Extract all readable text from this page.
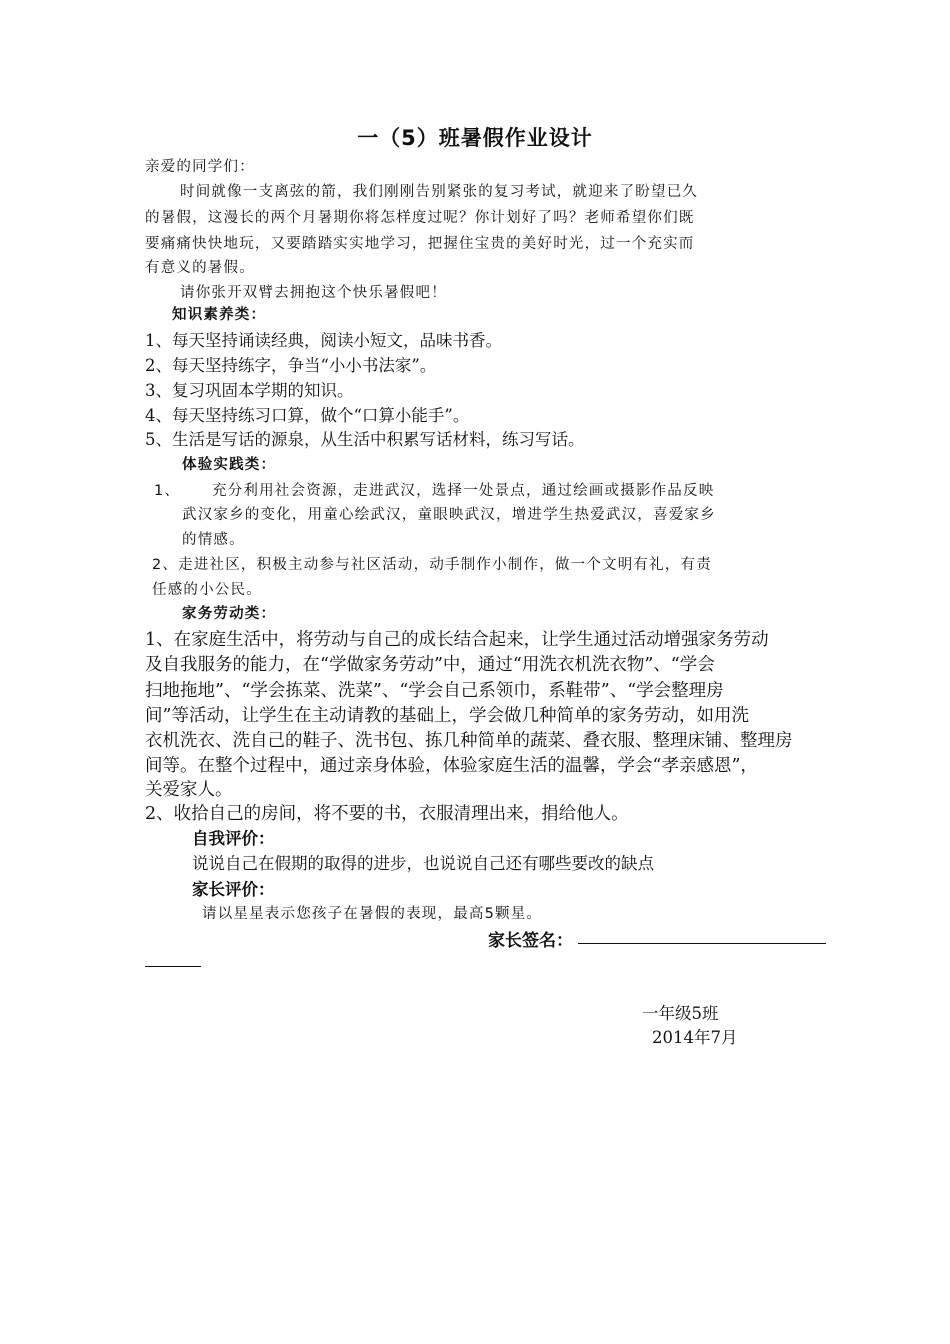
一（5）班暑假作业设计
亲爱的同学们：
时间就像一支离弦的箭，我们刚刚告别紧张的复习考试，就迎来了盼望已久
的暑假，这漫长的两个月暑期你将怎样度过呢？你计划好了吗？老师希望你们既
要痛痛快快地玩，又要踏踏实实地学习，把握住宝贵的美好时光，过一个充实而
有意义的暑假。
请你张开双臂去拥抱这个快乐暑假吧！
知识素养类：
1、每天坚持诵读经典，阅读小短文，品味书香。
2、每天坚持练字，争当“小小书法家”。
3、复习巩固本学期的知识。
4、每天坚持练习口算，做个“口算小能手”。
5、生活是写话的源泉，从生活中积累写话材料，练习写话。
体验实践类：
1、 充分利用社会资源，走进武汉，选择一处景点，通过绘画或摄影作品反映
武汉家乡的变化，用童心绘武汉，童眼映武汉，增进学生热爱武汉，喜爱家乡
的情感。
2、走进社区，积极主动参与社区活动，动手制作小制作，做一个文明有礼，有责
任感的小公民。
家务劳动类：
1、在家庭生活中，将劳动与自己的成长结合起来，让学生通过活动增强家务劳动
及自我服务的能力，在“学做家务劳动”中，通过“用洗衣机洗衣物”、“学会
扫地拖地”、“学会拣菜、洗菜”、“学会自己系领巾，系鞋带”、“学会整理房
间”等活动，让学生在主动请教的基础上，学会做几种简单的家务劳动，如用洗
衣机洗衣、洗自己的鞋子、洗书包、拣几种简单的蔬菜、叠衣服、整理床铺、整理房
间等。在整个过程中，通过亲身体验，体验家庭生活的温馨，学会“孝亲感恩”，
关爱家人。
2、收拾自己的房间，将不要的书，衣服清理出来，捐给他人。
自我评价：
说说自己在假期的取得的进步，也说说自己还有哪些要改的缺点
家长评价：
请以星星表示您孩子在暑假的表现，最高5颗星。
家长签名：
一年级5班
2014年7月
